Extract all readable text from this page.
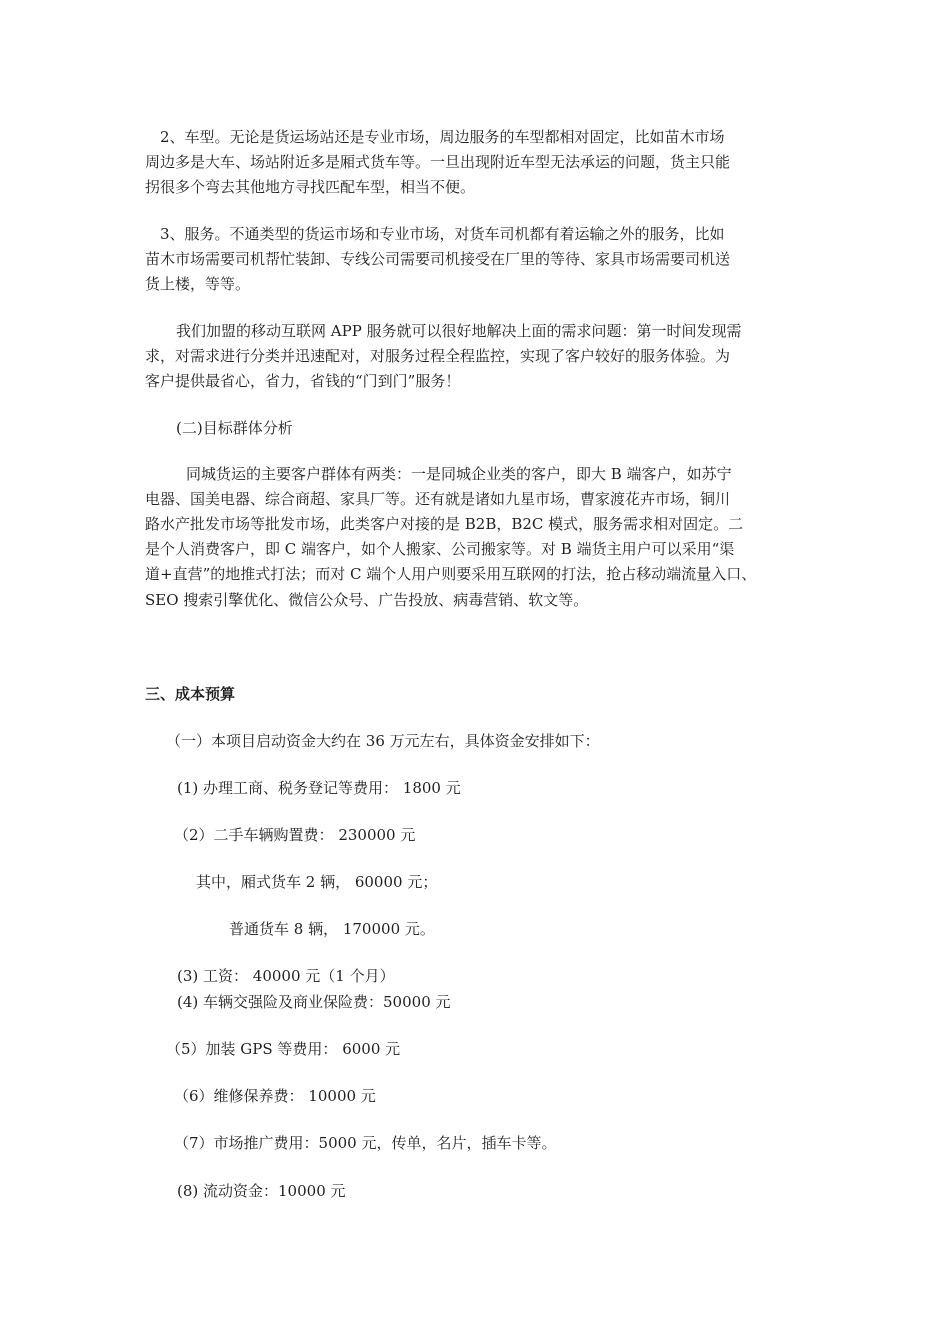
2、车型。无论是货运场站还是专业市场，周边服务的车型都相对固定，比如苗木市场
周边多是大车、场站附近多是厢式货车等。一旦出现附近车型无法承运的问题，货主只能
拐很多个弯去其他地方寻找匹配车型，相当不便。
3、服务。不通类型的货运市场和专业市场，对货车司机都有着运输之外的服务，比如
苗木市场需要司机帮忙装卸、专线公司需要司机接受在厂里的等待、家具市场需要司机送
货上楼，等等。
我们加盟的移动互联网 APP 服务就可以很好地解决上面的需求问题：第一时间发现需
求，对需求进行分类并迅速配对，对服务过程全程监控，实现了客户较好的服务体验。为
客户提供最省心，省力，省钱的“门到门”服务！
(二)目标群体分析
同城货运的主要客户群体有两类：一是同城企业类的客户，即大 B 端客户，如苏宁
电器、国美电器、综合商超、家具厂等。还有就是诸如九星市场，曹家渡花卉市场，铜川
路水产批发市场等批发市场，此类客户对接的是 B2B，B2C 模式，服务需求相对固定。二
是个人消费客户，即 C 端客户，如个人搬家、公司搬家等。对 B 端货主用户可以采用“渠
道+直营”的地推式打法；而对 C 端个人用户则要采用互联网的打法，抢占移动端流量入口、
SEO 搜索引擎优化、微信公众号、广告投放、病毒营销、软文等。
三、成本预算
（一）本项目启动资金大约在 36 万元左右，具体资金安排如下：
(1) 办理工商、税务登记等费用： 1800 元
（2）二手车辆购置费： 230000 元
其中，厢式货车 2 辆， 60000 元；
普通货车 8 辆， 170000 元。
(3) 工资： 40000 元（1 个月）
(4) 车辆交强险及商业保险费：50000 元
（5）加装 GPS 等费用： 6000 元
（6）维修保养费： 10000 元
（7）市场推广费用：5000 元，传单，名片，插车卡等。
(8) 流动资金：10000 元
